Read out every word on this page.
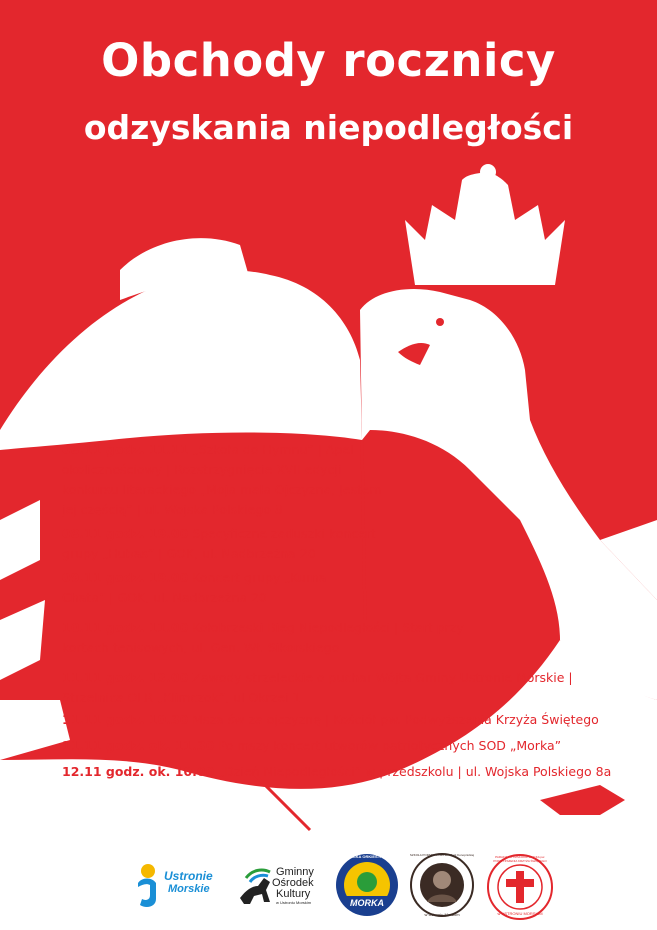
Obchody rocznicy
odzyskania niepodległości
08.11 godz. 11.11 „Szkoła do Hymnu” | Apel okolicznościowy | Rozstrzygnięcie XVII edycji konkursu literackiego „Moja mała Ojczyzna, Jestem jej częścią” | ul. Wojska Polskiego 8
08.11 godz. 19.00 Specyficzne zaduszki koncert grupy „Hubas” | GOK, ul. Nadbrzeżna 20
09.11 godz. 19.00 Koncert grupy „Kurna Chata” | GOK, ul. Nadbrzeżna 20
10.11 godz. 11.00 Kołobrzeski Bieg Niepodległości | Start przy kortach tenisowych, ul. Gen. Wł. Sikorskiego
11.11 godz. 13.00 Zawody strzeleckie o puchar Wójta Gminy Ustronie Morskie | Strzelnica OLR „Klimczok”, ul Okrzei 1
11.11 godz. 10.30 Msza św za ojczyznę | Kościół pw. Podwyższenia Krzyża Świętego
11.11 godz. ok. 11.30 Po mszy koncert utworów patriotycznych SOD „Morka”
12.11 godz. ok. 10.00 „Dzień Niepodległości” w przedszkolu | ul. Wojska Polskiego 8a
Ustronie
Morskie
Gminny
Ośrodek
Kultury
w Ustroniu Morskim
STRAŻACKA ORKIESTRA DĘTA
MORKA
SZKOŁA PODSTAWOWA im. Marii Konopnickiej
w Ustroniu Morskim
PARAFIA RZYMSKOKATOLICKA pw. PODWYŻSZENIA KRZYŻA ŚWIĘTEGO
w USTRONIU MORSKIM
